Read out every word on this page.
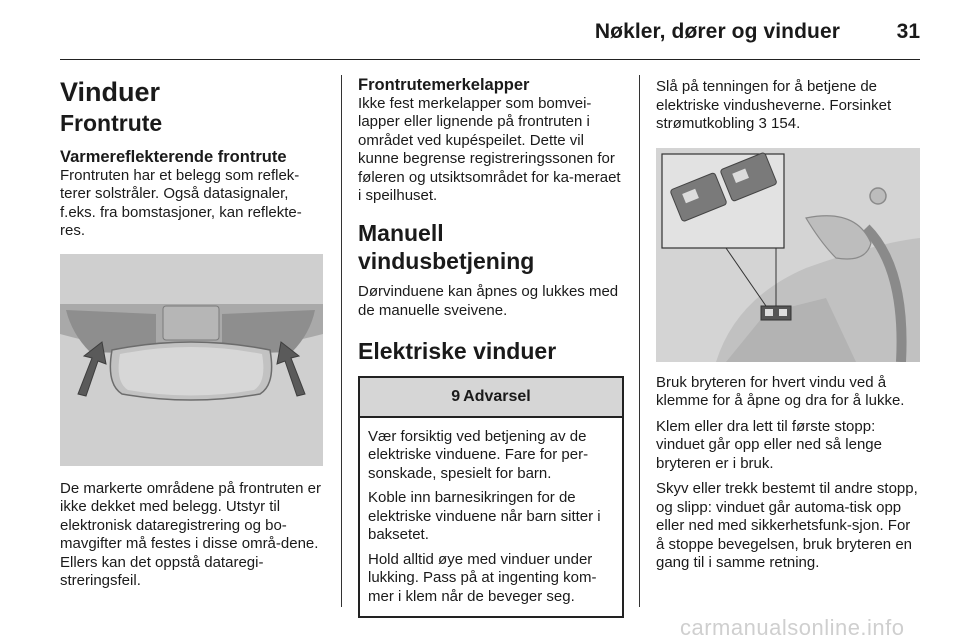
Nøkler, dører og vinduer	31
Vinduer
Frontrute
Varmereflekterende frontrute

Frontruten har et belegg som reflek-terer solstråler. Også datasignaler, f.eks. fra bomstasjoner, kan reflekte-res.

De markerte områdene på frontruten er ikke dekket med belegg. Utstyr til elektronisk dataregistrering og bo-mavgifter må festes i disse områ-dene. Ellers kan det oppstå dataregi-streringsfeil.

Frontrutemerkelapper

Ikke fest merkelapper som bomvei-lapper eller lignende på frontruten i området ved kupéspeilet. Dette vil kunne begrense registreringssonen for føleren og utsiktsområdet for ka-meraet i speilhuset.

Manuell vindusbetjening

Dørvinduene kan åpnes og lukkes med de manuelle sveivene.

Elektriske vinduer
9 Advarsel

Vær forsiktig ved betjening av de elektriske vinduene. Fare for per-sonskade, spesielt for barn.

Koble inn barnesikringen for de elektriske vinduene når barn sitter i baksetet.

Hold alltid øye med vinduer under lukking. Pass på at ingenting kom-mer i klem når de beveger seg.

Slå på tenningen for å betjene de elektriske vindusheverne. Forsinket strømutkobling 3 154.

Bruk bryteren for hvert vindu ved å klemme for å åpne og dra for å lukke.

Klem eller dra lett til første stopp: vinduet går opp eller ned så lenge bryteren er i bruk.

Skyv eller trekk bestemt til andre stopp, og slipp: vinduet går automa-tisk opp eller ned med sikkerhetsfunk-sjon. For å stoppe bevegelsen, bruk bryteren en gang til i samme retning.

carmanualsonline.info
